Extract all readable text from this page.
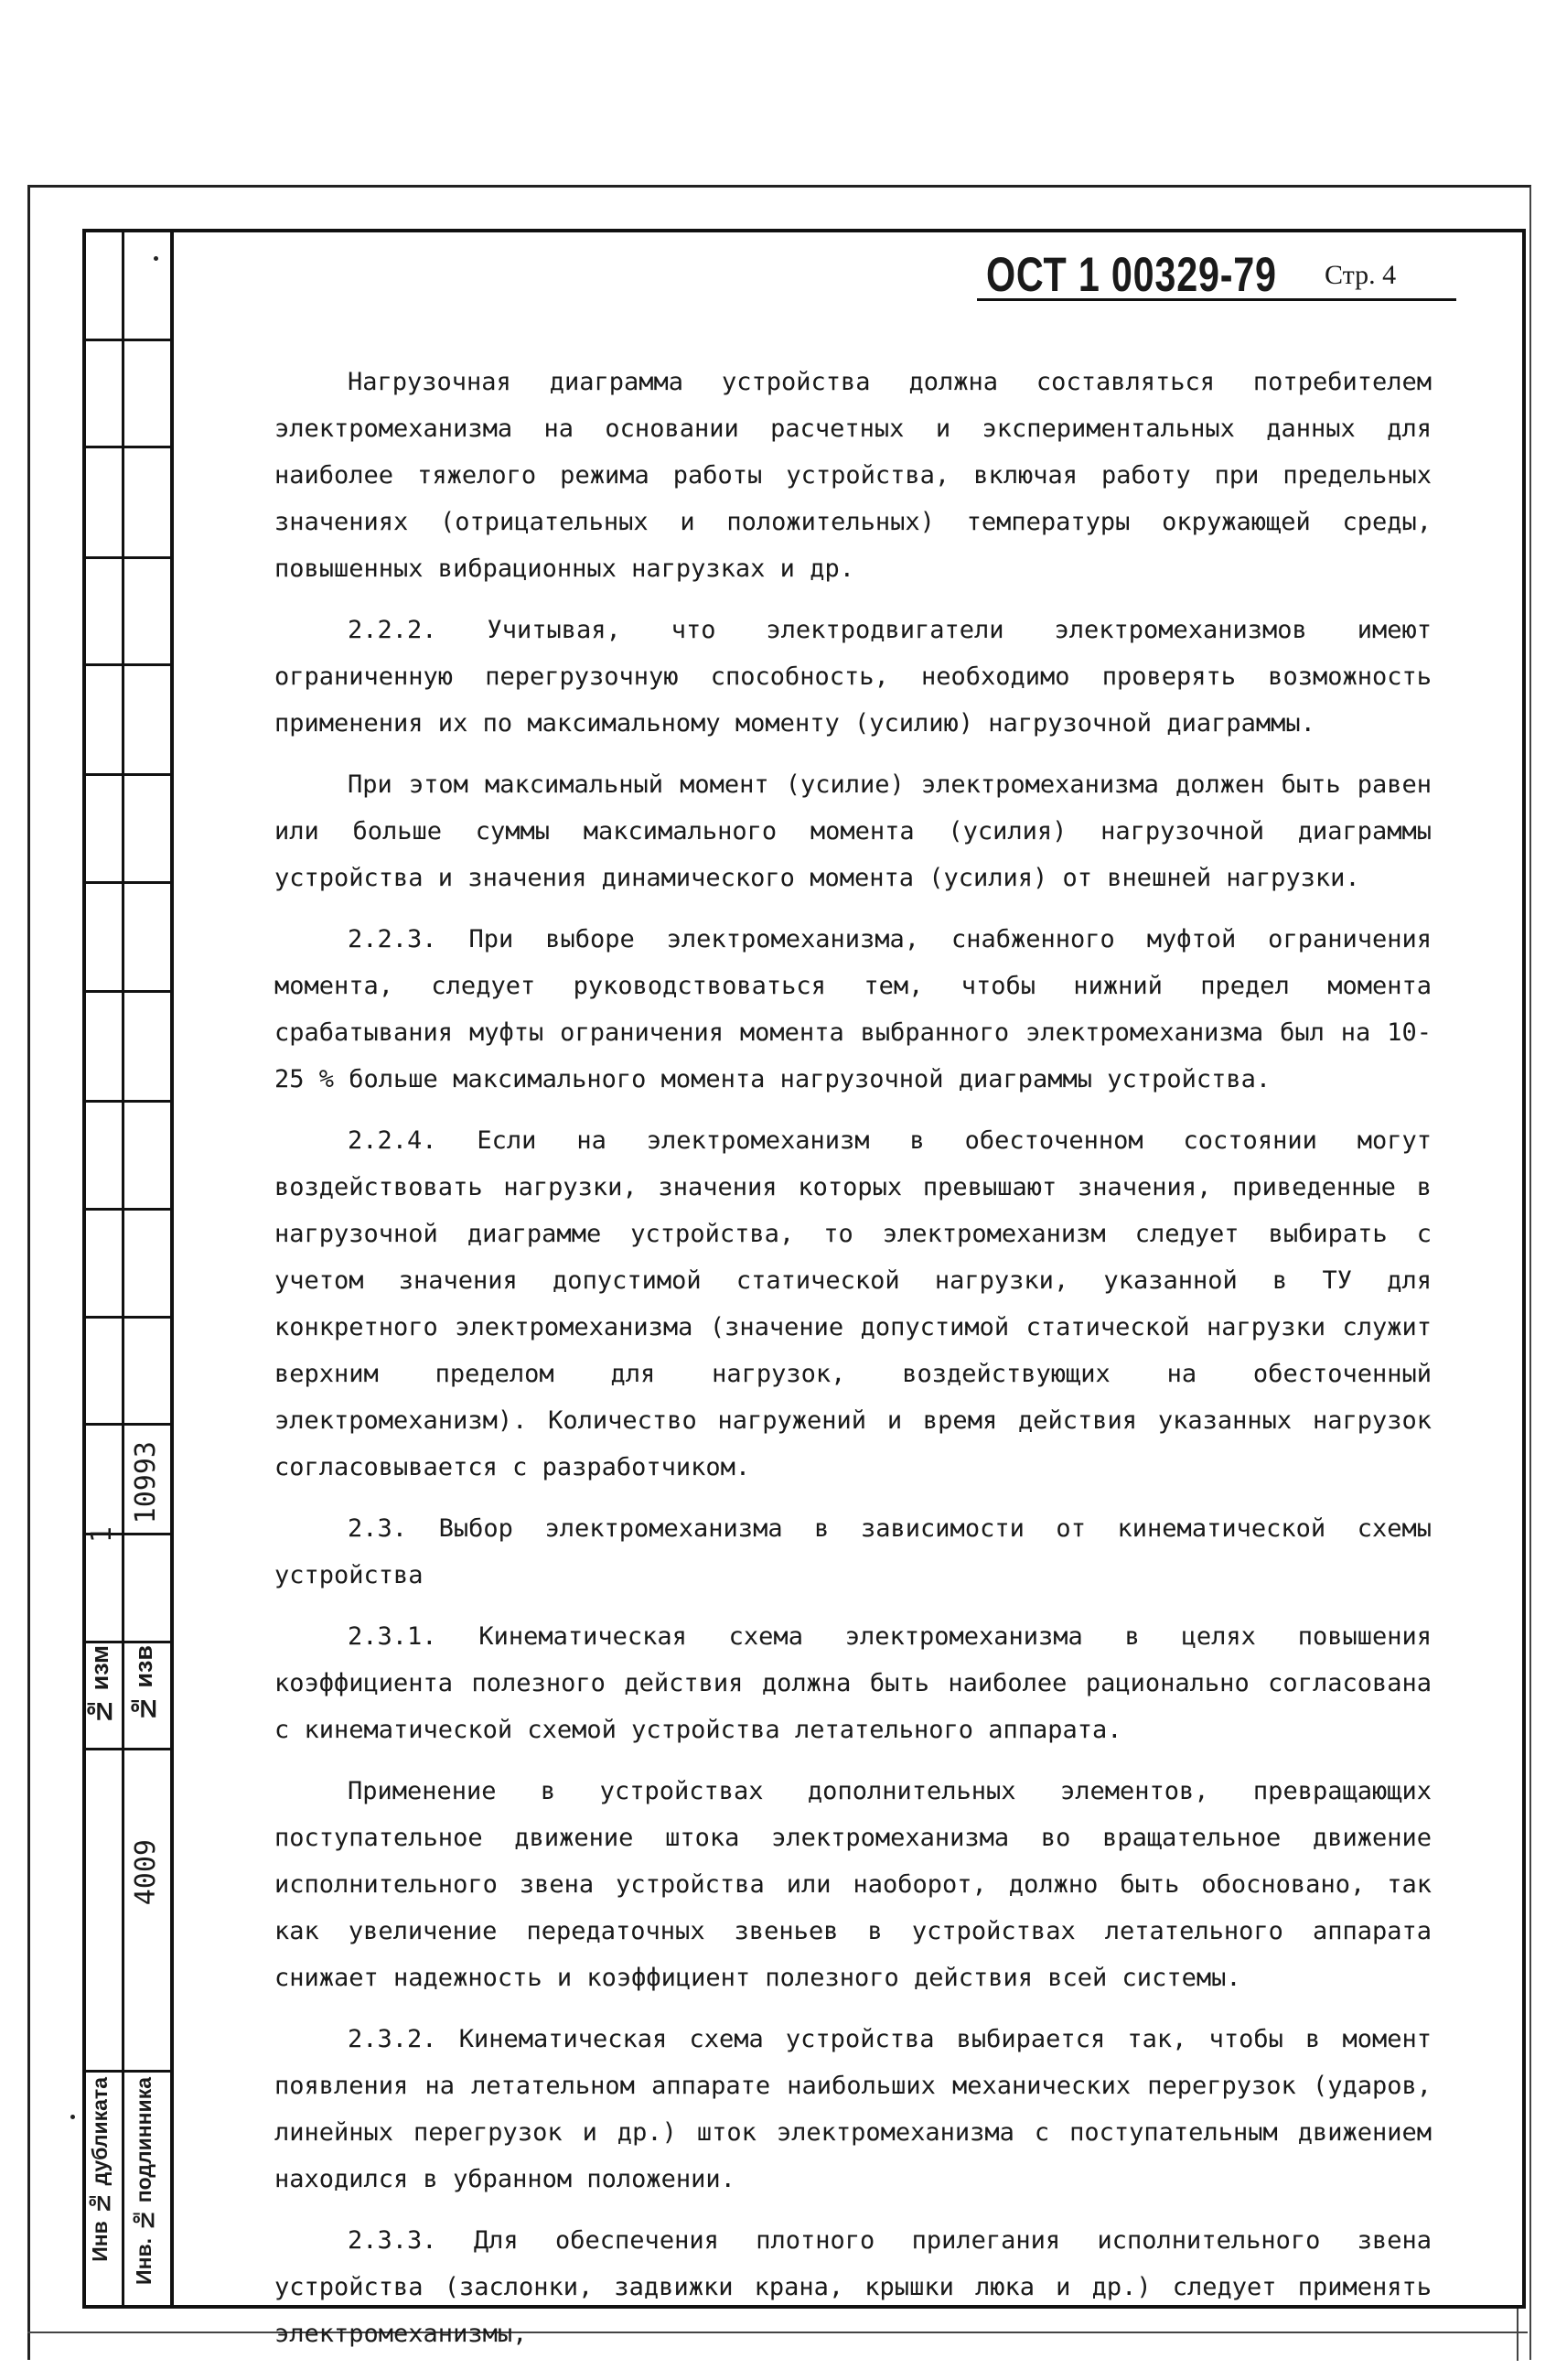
№ изм
1
№ изв
10993
4009
Инв № дубликата Инв. № подлинника
ОСТ 1 00329-79 Стр. 4

Нагрузочная диаграмма устройства должна составляться потребителем электромеханизма на основании расчетных и экспериментальных данных для наиболее тяжелого режима работы устройства, включая работу при предельных значениях (отрицательных и положительных) температуры окружающей среды, повышенных вибрационных нагрузках и др.

2.2.2. Учитывая, что электродвигатели электромеханизмов имеют ограниченную перегрузочную способность, необходимо проверять возможность применения их по максимальному моменту (усилию) нагрузочной диаграммы.

При этом максимальный момент (усилие) электромеханизма должен быть равен или больше суммы максимального момента (усилия) нагрузочной диаграммы устройства и значения динамического момента (усилия) от внешней нагрузки.

2.2.3. При выборе электромеханизма, снабженного муфтой ограничения момента, следует руководствоваться тем, чтобы нижний предел момента срабатывания муфты ограничения момента выбранного электромеханизма был на 10-25 % больше максимального момента нагрузочной диаграммы устройства.

2.2.4. Если на электромеханизм в обесточенном состоянии могут воздействовать нагрузки, значения которых превышают значения, приведенные в нагрузочной диаграмме устройства, то электромеханизм следует выбирать с учетом значения допустимой статической нагрузки, указанной в ТУ для конкретного электромеханизма (значение допустимой статической нагрузки служит верхним пределом для нагрузок, воздействующих на обесточенный электромеханизм). Количество нагружений и время действия указанных нагрузок согласовывается с разработчиком.

2.3. Выбор электромеханизма в зависимости от кинематической схемы устройства

2.3.1. Кинематическая схема электромеханизма в целях повышения коэффициента полезного действия должна быть наиболее рационально согласована с кинематической схемой устройства летательного аппарата.

Применение в устройствах дополнительных элементов, превращающих поступательное движение штока электромеханизма во вращательное движение исполнительного звена устройства или наоборот, должно быть обосновано, так как увеличение передаточных звеньев в устройствах летательного аппарата снижает надежность и коэффициент полезного действия всей системы.

2.3.2. Кинематическая схема устройства выбирается так, чтобы в момент появления на летательном аппарате наибольших механических перегрузок (ударов, линейных перегрузок и др.) шток электромеханизма с поступательным движением находился в убранном положении.

2.3.3. Для обеспечения плотного прилегания исполнительного звена устройства (заслонки, задвижки крана, крышки люка и др.) следует применять электромеханизмы,
